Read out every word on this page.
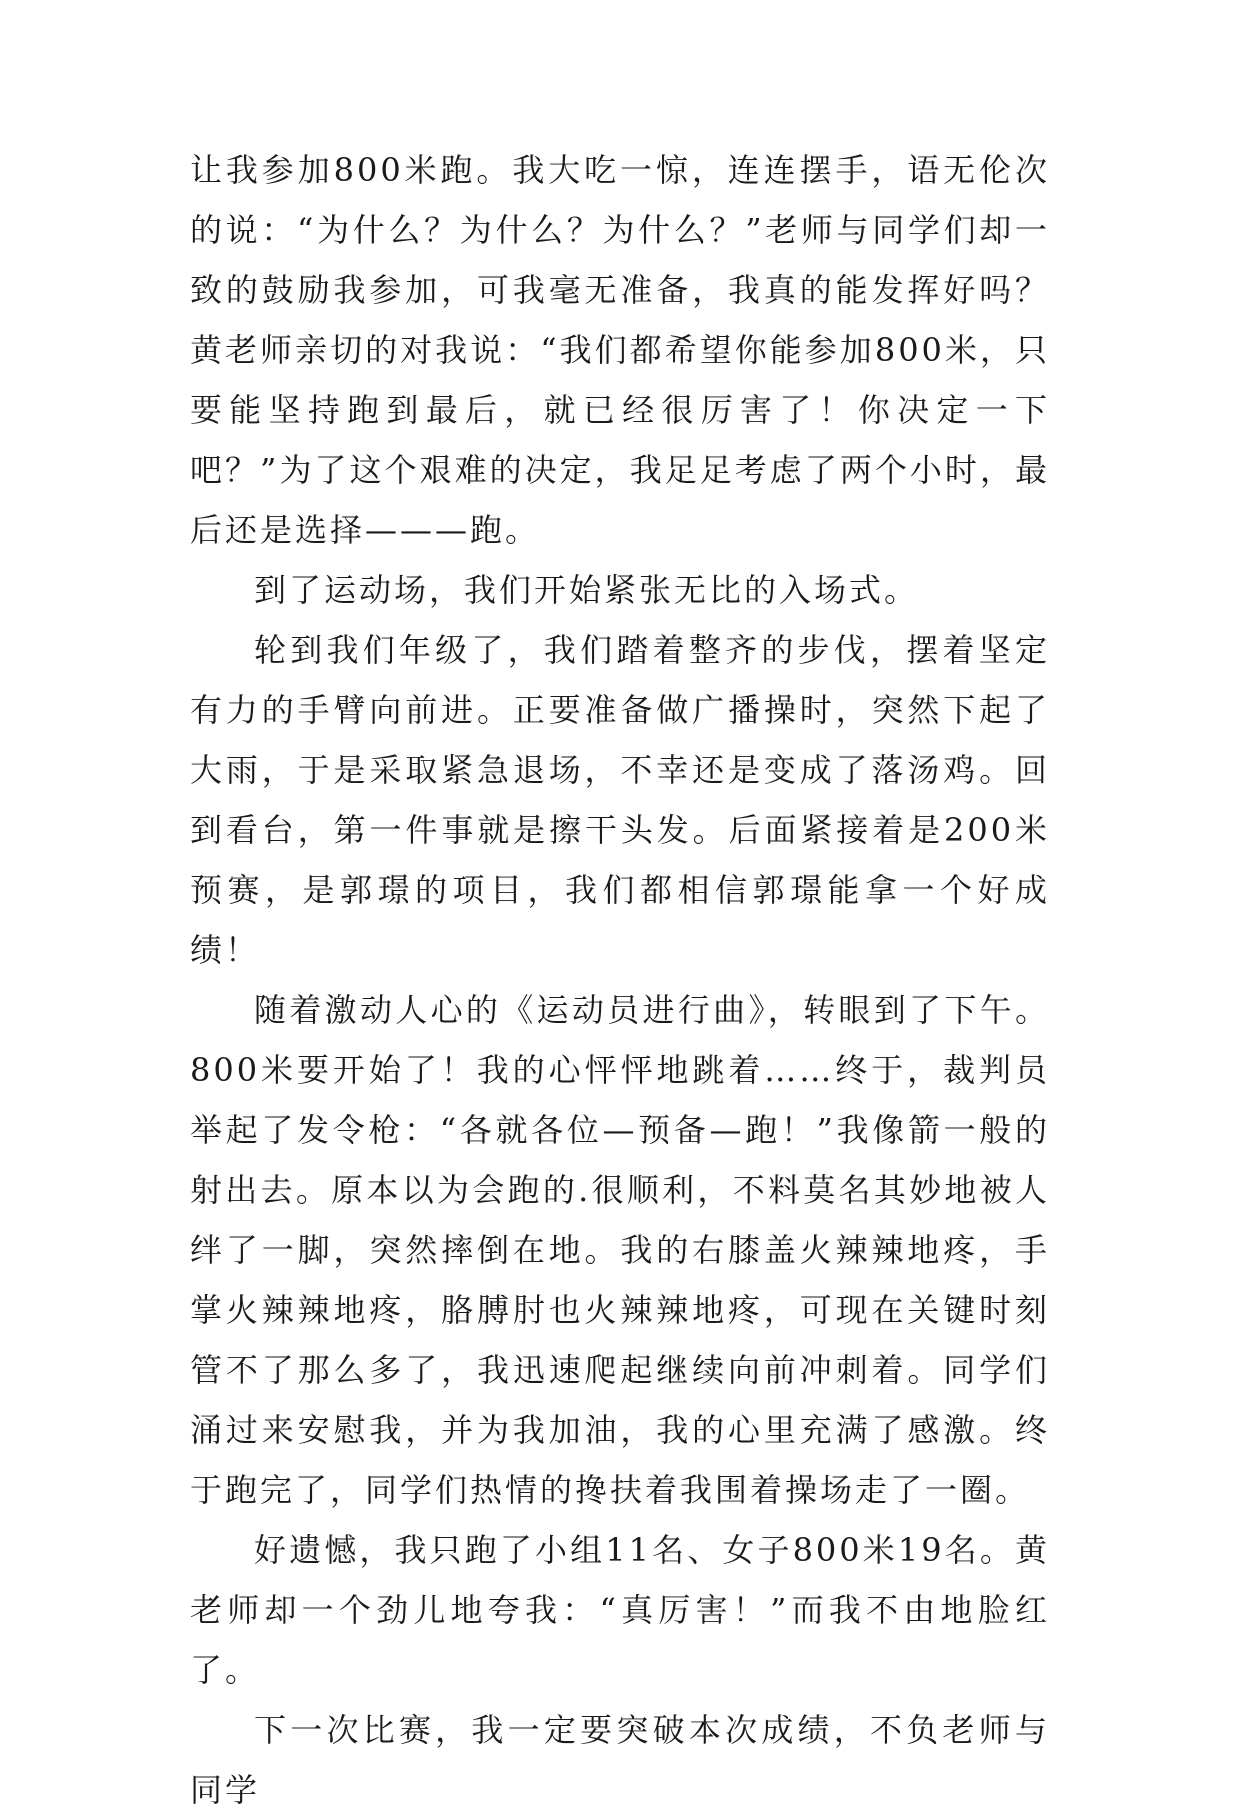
让我参加800米跑。我大吃一惊，连连摆手，语无伦次的说：“为什么？为什么？为什么？”老师与同学们却一致的鼓励我参加，可我毫无准备，我真的能发挥好吗？黄老师亲切的对我说：“我们都希望你能参加800米，只要能坚持跑到最后，就已经很厉害了！你决定一下吧？”为了这个艰难的决定，我足足考虑了两个小时，最后还是选择———跑。

到了运动场，我们开始紧张无比的入场式。

轮到我们年级了，我们踏着整齐的步伐，摆着坚定有力的手臂向前进。正要准备做广播操时，突然下起了大雨，于是采取紧急退场，不幸还是变成了落汤鸡。回到看台，第一件事就是擦干头发。后面紧接着是200米预赛，是郭璟的项目，我们都相信郭璟能拿一个好成绩！

随着激动人心的《运动员进行曲》，转眼到了下午。800米要开始了！我的心怦怦地跳着……终于，裁判员举起了发令枪：“各就各位—预备—跑！”我像箭一般的射出去。原本以为会跑的.很顺利，不料莫名其妙地被人绊了一脚，突然摔倒在地。我的右膝盖火辣辣地疼，手掌火辣辣地疼，胳膊肘也火辣辣地疼，可现在关键时刻管不了那么多了，我迅速爬起继续向前冲刺着。同学们涌过来安慰我，并为我加油，我的心里充满了感激。终于跑完了，同学们热情的搀扶着我围着操场走了一圈。

好遗憾，我只跑了小组11名、女子800米19名。黄老师却一个劲儿地夸我：“真厉害！”而我不由地脸红了。

下一次比赛，我一定要突破本次成绩，不负老师与同学
